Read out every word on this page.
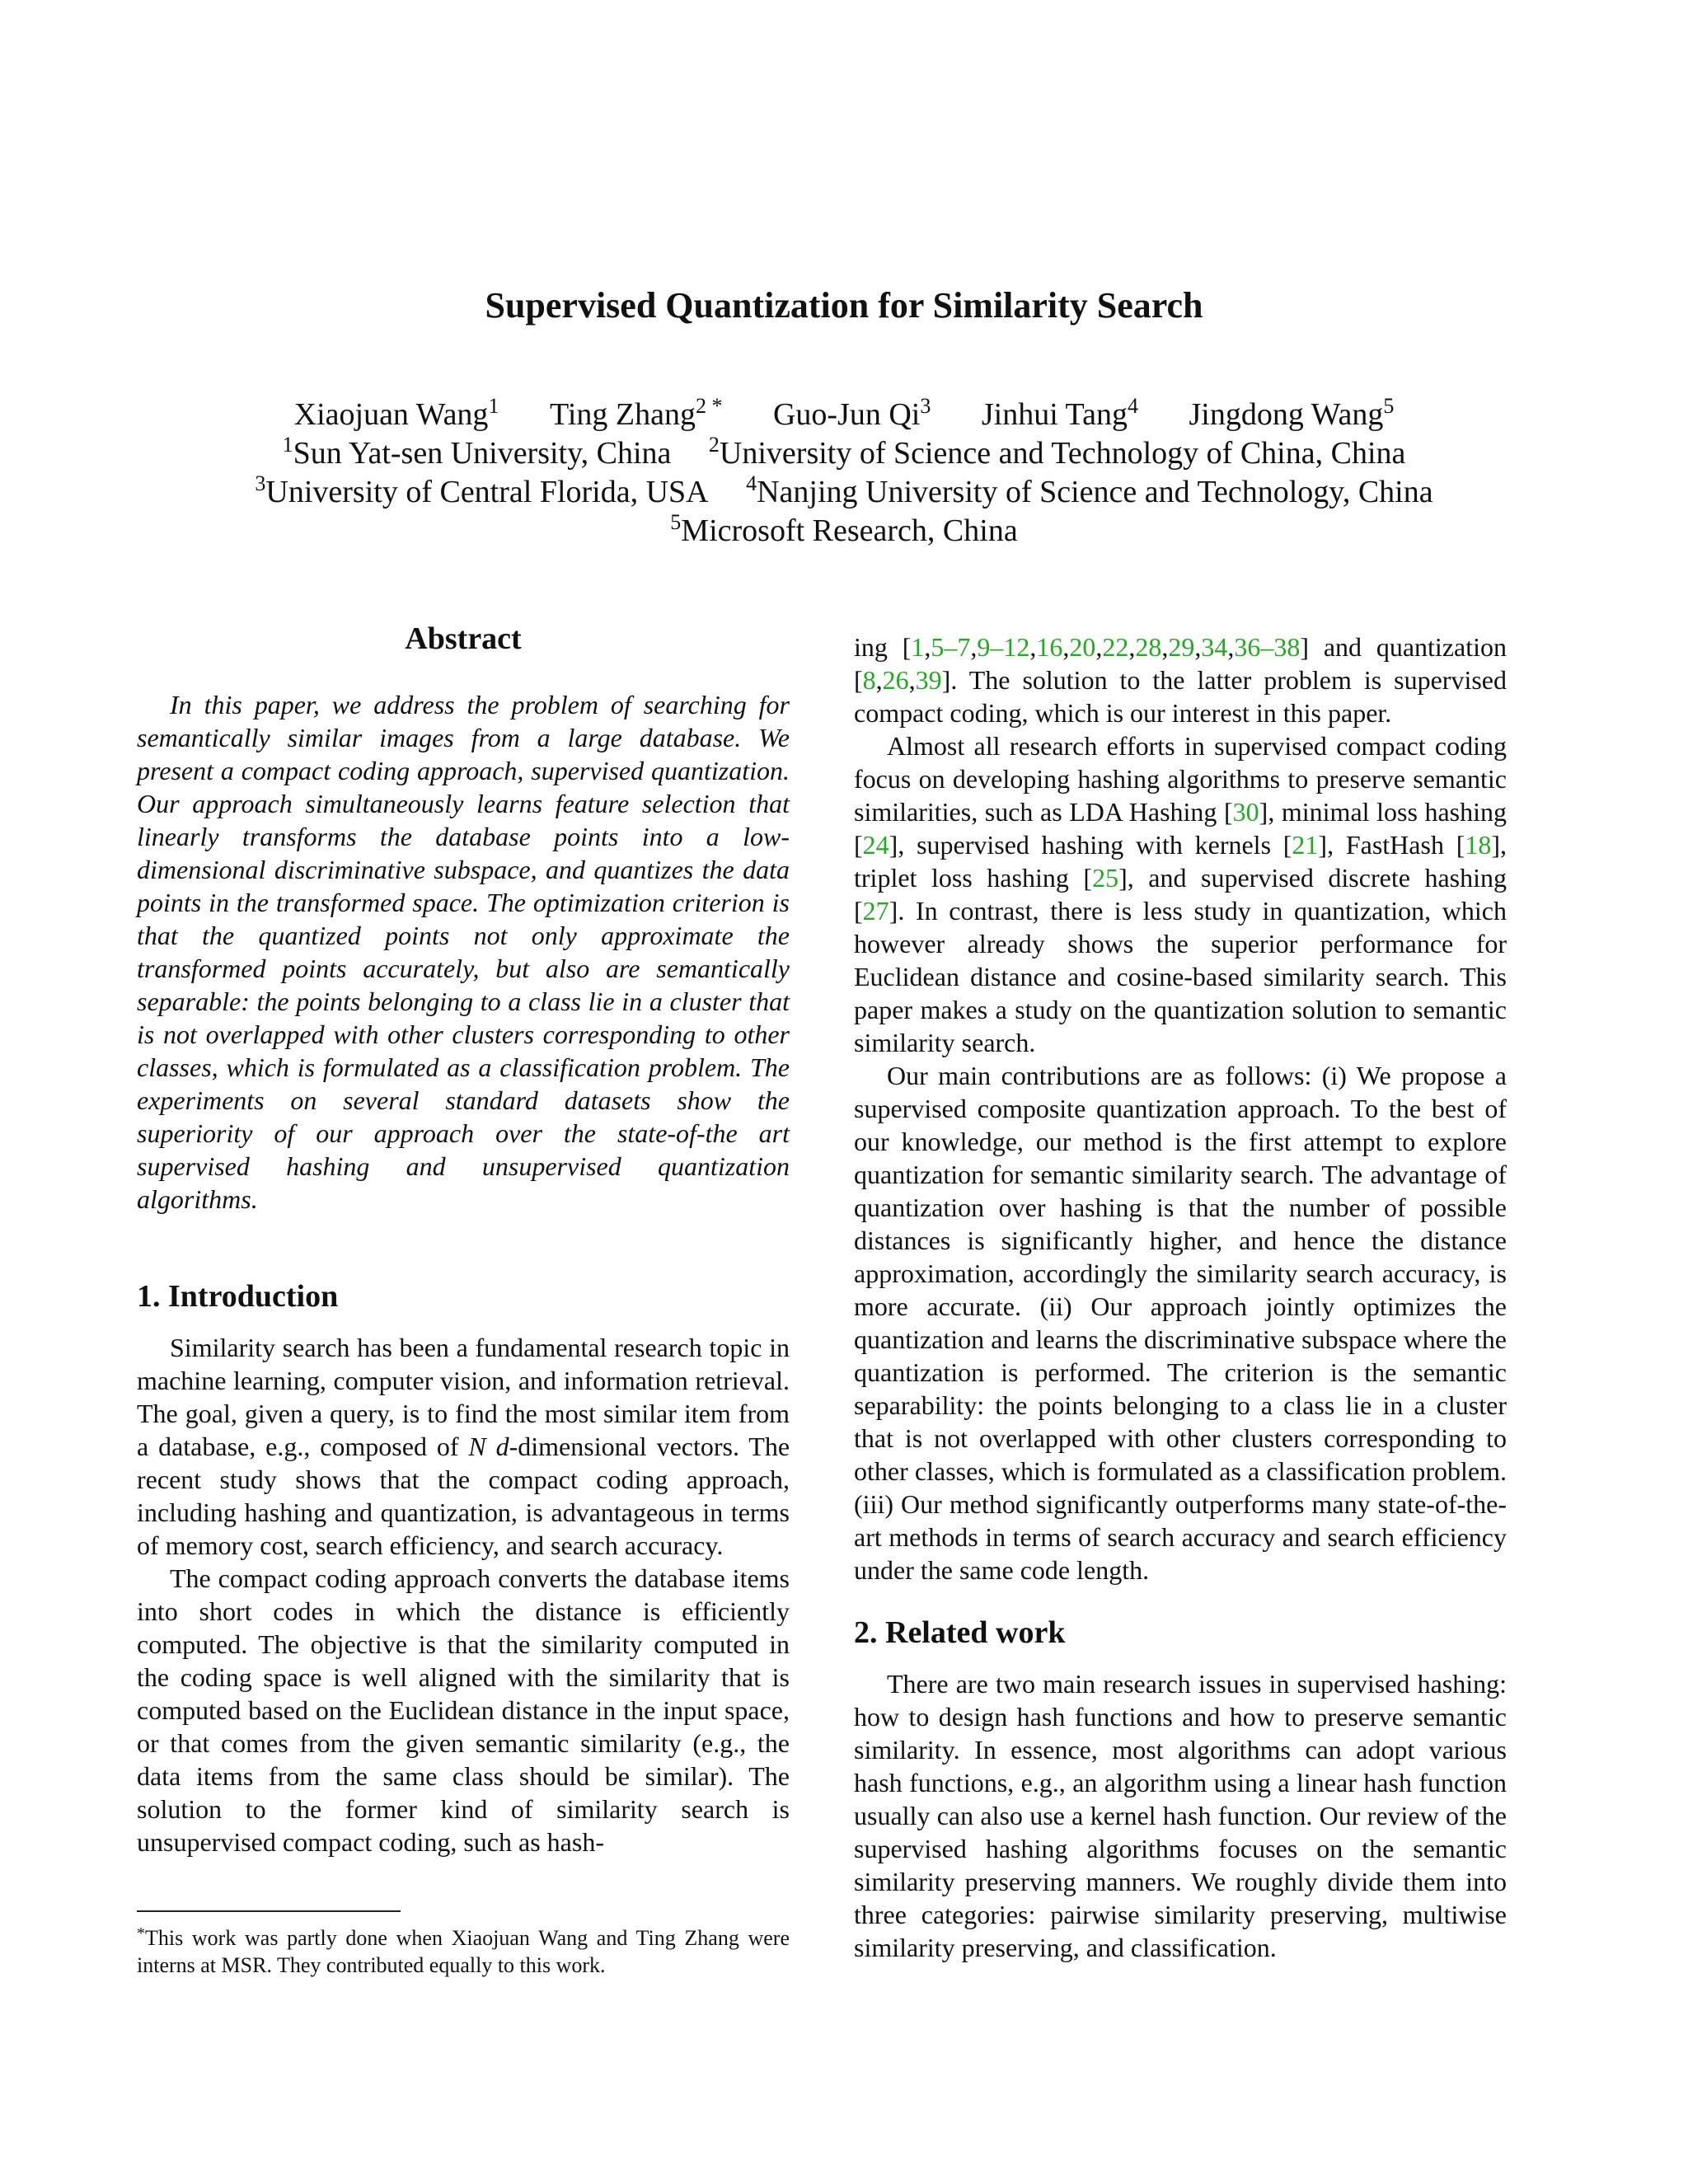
Supervised Quantization for Similarity Search
Xiaojuan Wang$^1$ Ting Zhang$^{2 *}$ Guo-Jun Qi$^3$ Jinhui Tang$^4$ Jingdong Wang$^5$
$^1$Sun Yat-sen University, China $^2$University of Science and Technology of China, China
$^3$University of Central Florida, USA $^4$Nanjing University of Science and Technology, China
$^5$Microsoft Research, China
Abstract

In this paper, we address the problem of searching for semantically similar images from a large database. We present a compact coding approach, supervised quantization. Our approach simultaneously learns feature selection that linearly transforms the database points into a low-dimensional discriminative subspace, and quantizes the data points in the transformed space. The optimization criterion is that the quantized points not only approximate the transformed points accurately, but also are semantically separable: the points belonging to a class lie in a cluster that is not overlapped with other clusters corresponding to other classes, which is formulated as a classification problem. The experiments on several standard datasets show the superiority of our approach over the state-of-the art supervised hashing and unsupervised quantization algorithms.

1. Introduction

Similarity search has been a fundamental research topic in machine learning, computer vision, and information retrieval. The goal, given a query, is to find the most similar item from a database, e.g., composed of N d-dimensional vectors. The recent study shows that the compact coding approach, including hashing and quantization, is advantageous in terms of memory cost, search efficiency, and search accuracy.

The compact coding approach converts the database items into short codes in which the distance is efficiently computed. The objective is that the similarity computed in the coding space is well aligned with the similarity that is computed based on the Euclidean distance in the input space, or that comes from the given semantic similarity (e.g., the data items from the same class should be similar). The solution to the former kind of similarity search is unsupervised compact coding, such as hash-

*This work was partly done when Xiaojuan Wang and Ting Zhang were interns at MSR. They contributed equally to this work.

ing [1,5–7,9–12,16,20,22,28,29,34,36–38] and quantization [8,26,39]. The solution to the latter problem is supervised compact coding, which is our interest in this paper.

Almost all research efforts in supervised compact coding focus on developing hashing algorithms to preserve semantic similarities, such as LDA Hashing [30], minimal loss hashing [24], supervised hashing with kernels [21], FastHash [18], triplet loss hashing [25], and supervised discrete hashing [27]. In contrast, there is less study in quantization, which however already shows the superior performance for Euclidean distance and cosine-based similarity search. This paper makes a study on the quantization solution to semantic similarity search.

Our main contributions are as follows: (i) We propose a supervised composite quantization approach. To the best of our knowledge, our method is the first attempt to explore quantization for semantic similarity search. The advantage of quantization over hashing is that the number of possible distances is significantly higher, and hence the distance approximation, accordingly the similarity search accuracy, is more accurate. (ii) Our approach jointly optimizes the quantization and learns the discriminative subspace where the quantization is performed. The criterion is the semantic separability: the points belonging to a class lie in a cluster that is not overlapped with other clusters corresponding to other classes, which is formulated as a classification problem. (iii) Our method significantly outperforms many state-of-the-art methods in terms of search accuracy and search efficiency under the same code length.

2. Related work

There are two main research issues in supervised hashing: how to design hash functions and how to preserve semantic similarity. In essence, most algorithms can adopt various hash functions, e.g., an algorithm using a linear hash function usually can also use a kernel hash function. Our review of the supervised hashing algorithms focuses on the semantic similarity preserving manners. We roughly divide them into three categories: pairwise similarity preserving, multiwise similarity preserving, and classification.
